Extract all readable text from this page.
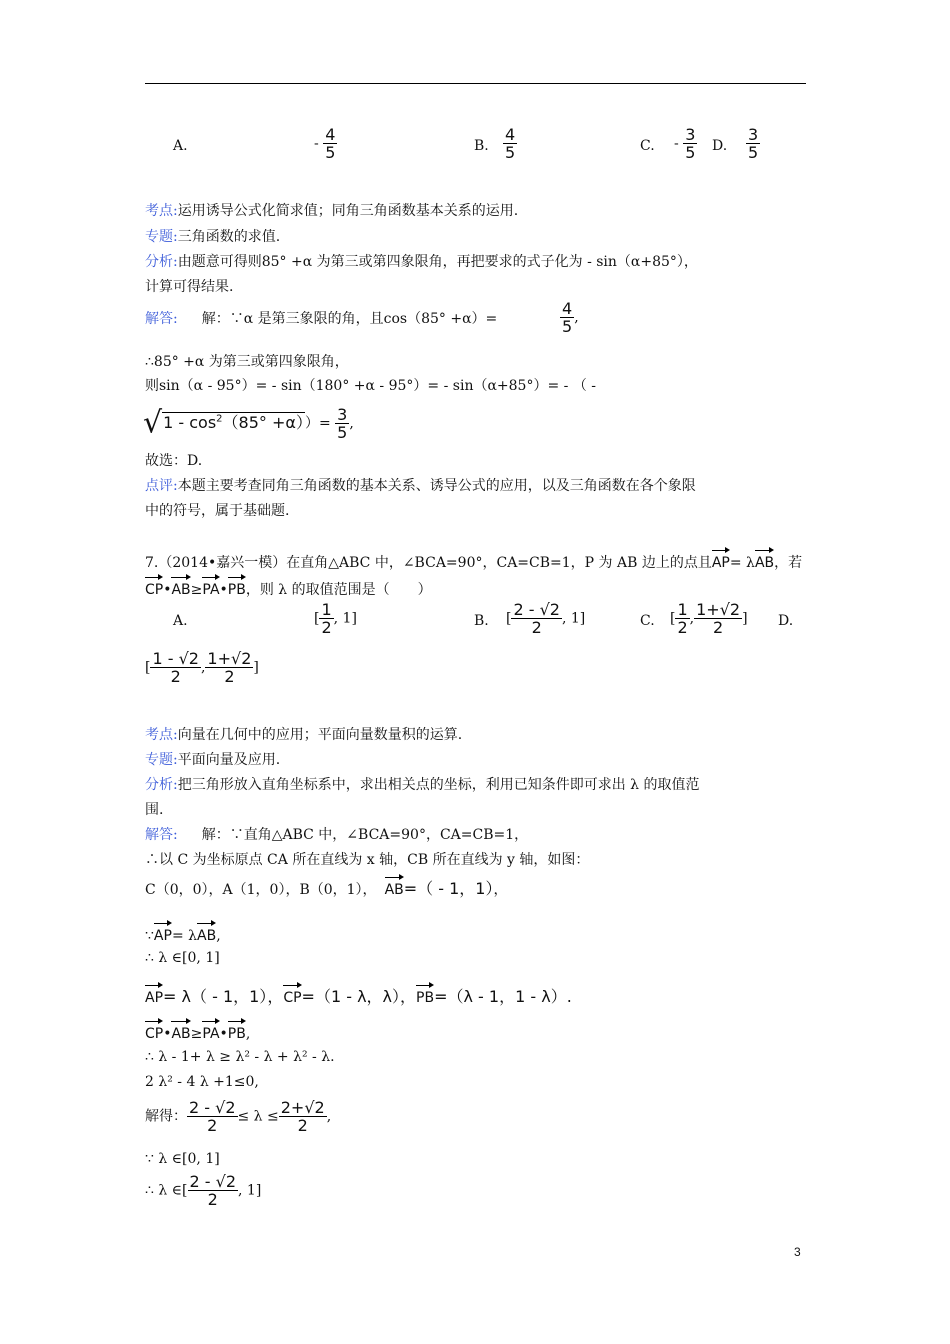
A.	- $\frac{4}{5}$	B. $\frac{4}{5}$	C. - $\frac{3}{5} D$. $\frac{3}{5}$
考点:运用诱导公式化简求值；同角三角函数基本关系的运用.
专题:三角函数的求值.
分析:由题意可得则85° +α 为第三或第四象限角，再把要求的式子化为 - sin（α+85°），
计算可得结果.
解答: 解：∵α 是第三象限的角，且cos（85° +α）=	$\frac{4}{5}$ ,
∴85° +α 为第三或第四象限角，
则sin（α - 95°）= - sin（180° +α - 95°）= - sin（α+85°）= - （ -
$√1 - \cos^2(85^\circ +\alpha))= \frac{3}{5}$ ,
故选：D.
点评:本题主要考查同角三角函数的基本关系、诱导公式的应用，以及三角函数在各个象限
中的符号，属于基础题.
7.（2014•嘉兴一模）在直角△ABC 中，∠BCA=90°，CA=CB=1，P 为 AB 边上的点且AP= λAB，若
CP•AB≥PA•PB，则 λ 的取值范围是（　　）
A.	[ $\frac{1}{2}$ , 1]	B. [ $\frac{2 - √2}{2}$ , 1]	C. [ $\frac{1}{2}$ , $\frac{1+√2}{2}$ ] D.
[ $\frac{1 - √2}{2}$ , $\frac{1+√2}{2}$ ]
考点:向量在几何中的应用；平面向量数量积的运算.
专题:平面向量及应用.
分析:把三角形放入直角坐标系中，求出相关点的坐标，利用已知条件即可求出 λ 的取值范
围.
解答: 解：∵直角△ABC 中，∠BCA=90°，CA=CB=1，
∴以 C 为坐标原点 CA 所在直线为 x 轴，CB 所在直线为 y 轴，如图：
C（0，0），A（1，0），B（0，1）， AB=（ - 1，1），
∵AP= λAB,
∴ λ ∈[0, 1]
AP= λ（ - 1，1），CP=（1 - λ，λ），PB=（λ - 1，1 - λ）.
CP•AB≥PA•PB,
∴ λ - 1+ λ ≥ λ² - λ + λ² - λ.
2 λ² - 4 λ +1≤0,
解得： $\frac{2 - √2}{2} \le \lambda \le \frac{2+√2}{2}$ ,
∵ λ ∈[0, 1]
∴ λ ∈[ $\frac{2 - √2}{2}$ , 1]
3
